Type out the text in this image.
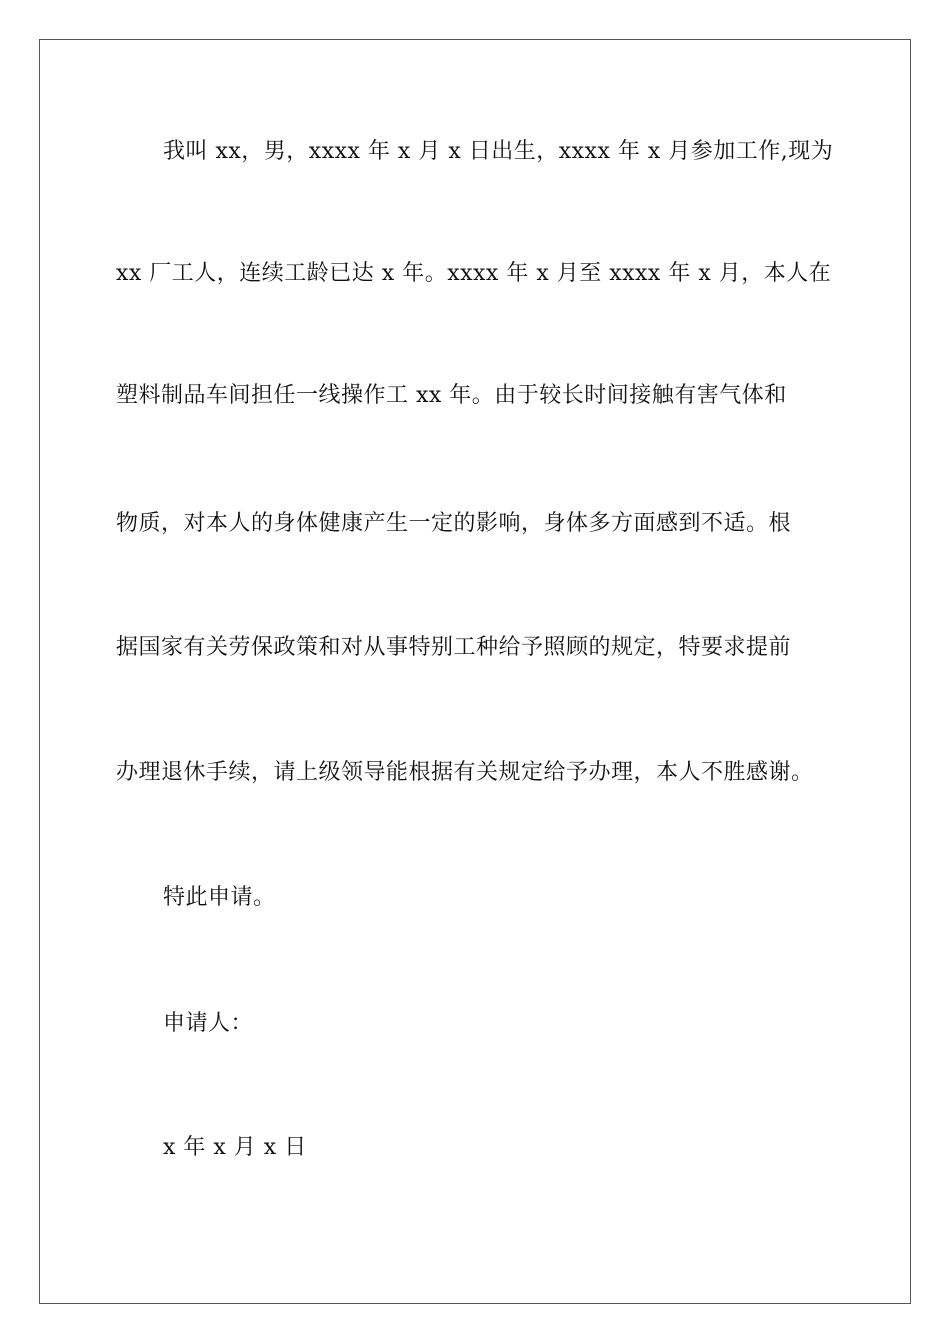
我叫 xx，男，xxxx 年 x 月 x 日出生，xxxx 年 x 月参加工作,现为
xx 厂工人，连续工龄已达 x 年。xxxx 年 x 月至 xxxx 年 x 月，本人在
塑料制品车间担任一线操作工 xx 年。由于较长时间接触有害气体和
物质，对本人的身体健康产生一定的影响，身体多方面感到不适。根
据国家有关劳保政策和对从事特别工种给予照顾的规定，特要求提前
办理退休手续，请上级领导能根据有关规定给予办理，本人不胜感谢。
特此申请。
申请人：
x 年 x 月 x 日
